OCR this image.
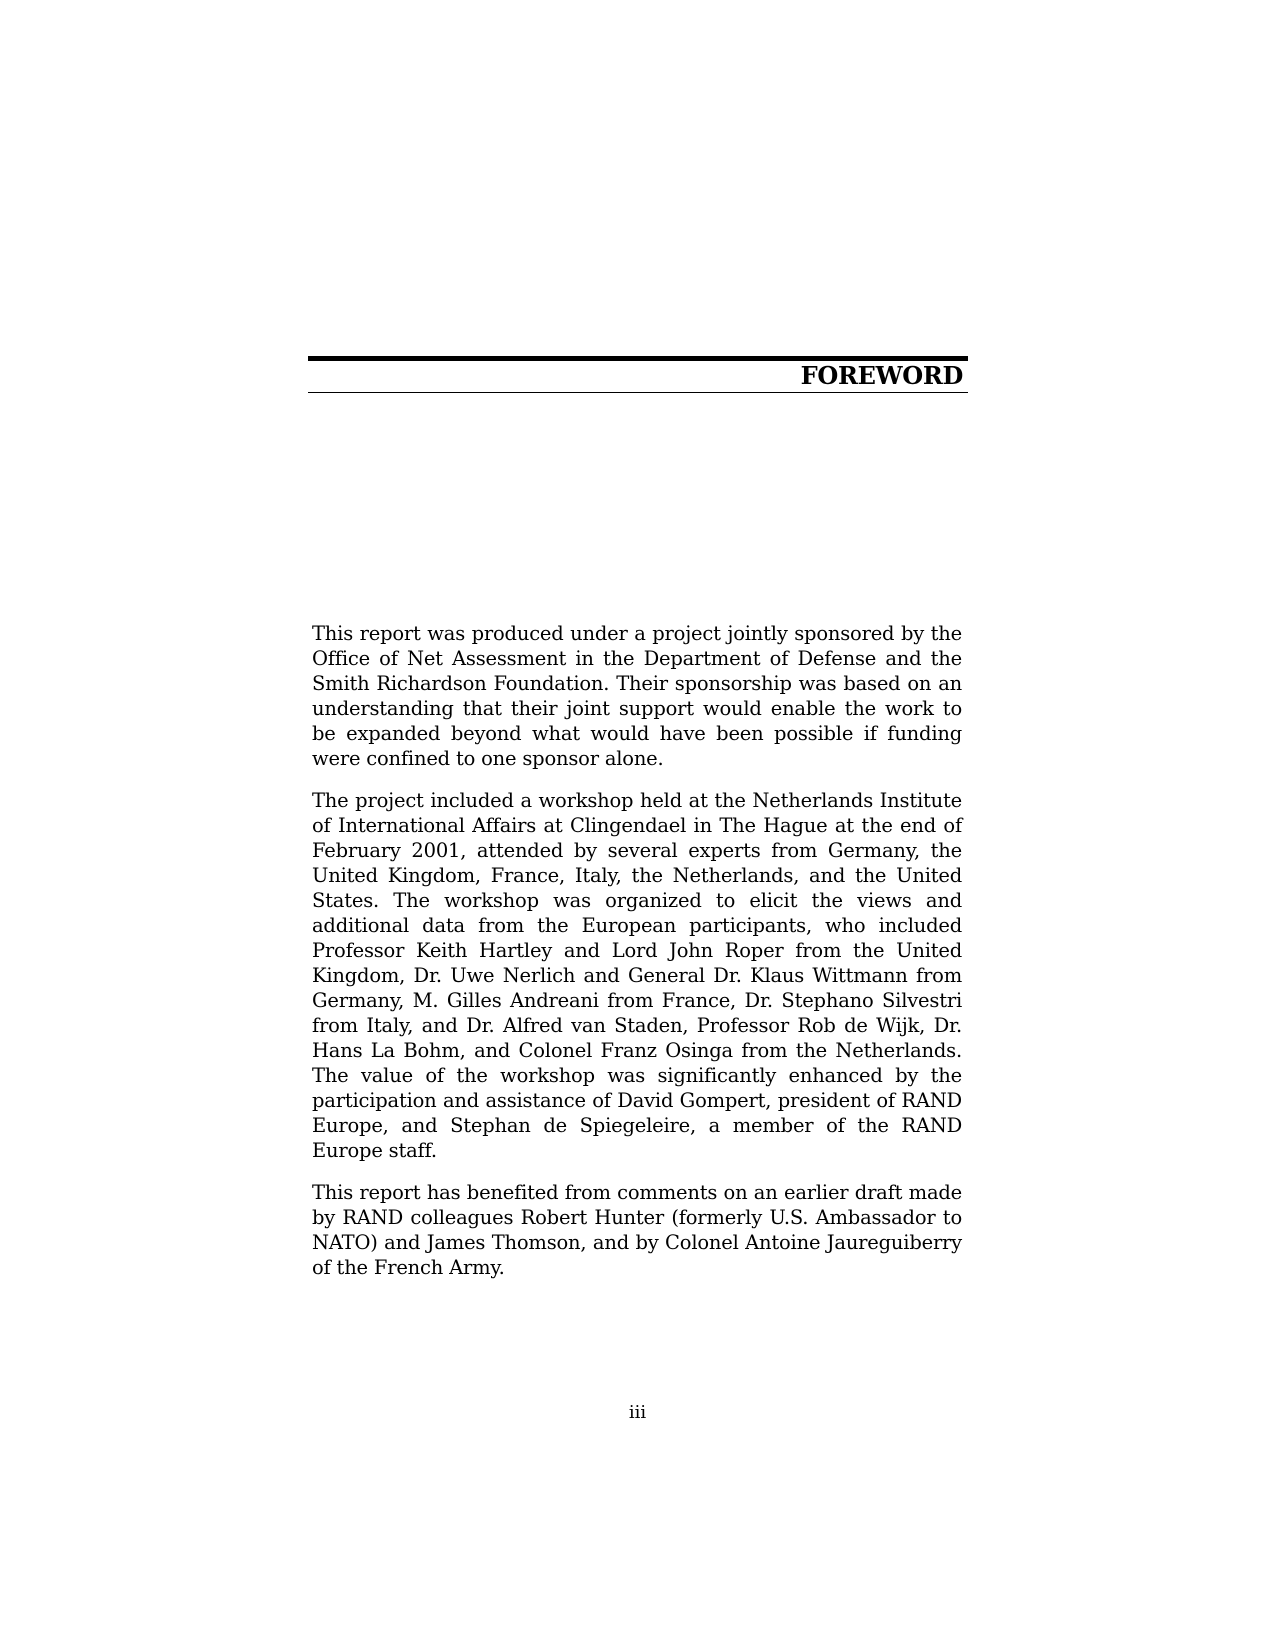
FOREWORD

This report was produced under a project jointly sponsored by the Office of Net Assessment in the Department of Defense and the Smith Richardson Foundation. Their sponsorship was based on an understanding that their joint support would enable the work to be expanded beyond what would have been possible if funding were confined to one sponsor alone.

The project included a workshop held at the Netherlands Institute of International Affairs at Clingendael in The Hague at the end of February 2001, attended by several experts from Germany, the United Kingdom, France, Italy, the Netherlands, and the United States. The workshop was organized to elicit the views and additional data from the European participants, who included Professor Keith Hartley and Lord John Roper from the United Kingdom, Dr. Uwe Nerlich and General Dr. Klaus Wittmann from Germany, M. Gilles Andreani from France, Dr. Stephano Silvestri from Italy, and Dr. Alfred van Staden, Professor Rob de Wijk, Dr. Hans La Bohm, and Colonel Franz Osinga from the Netherlands. The value of the workshop was significantly enhanced by the participation and assistance of David Gompert, president of RAND Europe, and Stephan de Spiegeleire, a member of the RAND Europe staff.

This report has benefited from comments on an earlier draft made by RAND colleagues Robert Hunter (formerly U.S. Ambassador to NATO) and James Thomson, and by Colonel Antoine Jaureguiberry of the French Army.

iii
